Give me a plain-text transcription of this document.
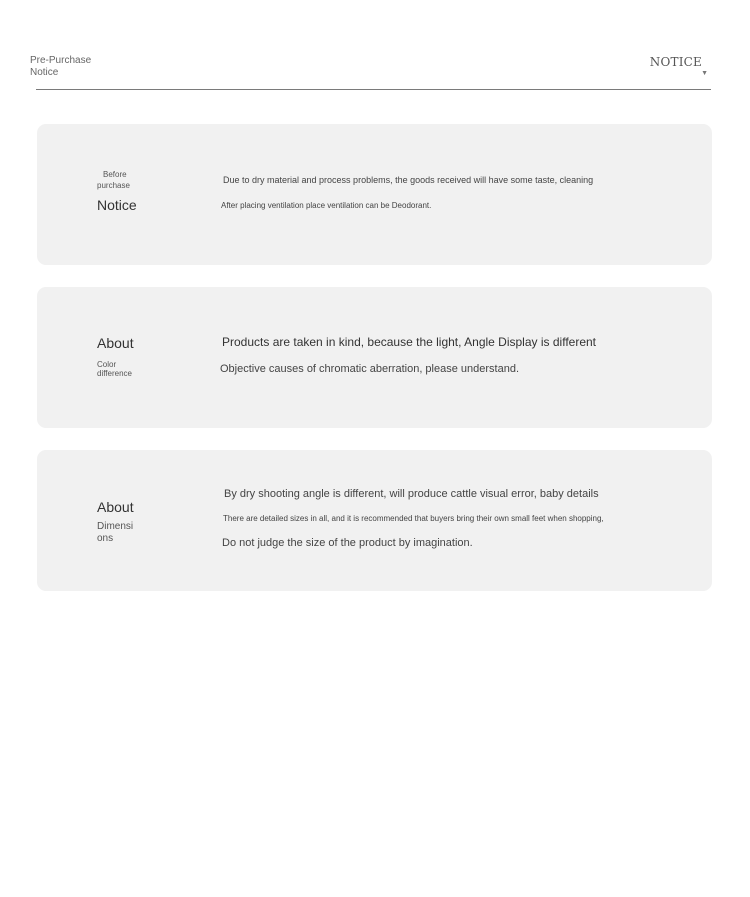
Pre-Purchase
Notice
NOTICE
▼
Before
purchase
Notice
Due to dry material and process problems, the goods received will have some taste, cleaning
After placing ventilation place ventilation can be Deodorant.
About
Color
difference
Products are taken in kind, because the light, Angle Display is different
Objective causes of chromatic aberration, please understand.
About
Dimensi
ons
By dry shooting angle is different, will produce cattle visual error, baby details
There are detailed sizes in all, and it is recommended that buyers bring their own small feet when shopping,
Do not judge the size of the product by imagination.
